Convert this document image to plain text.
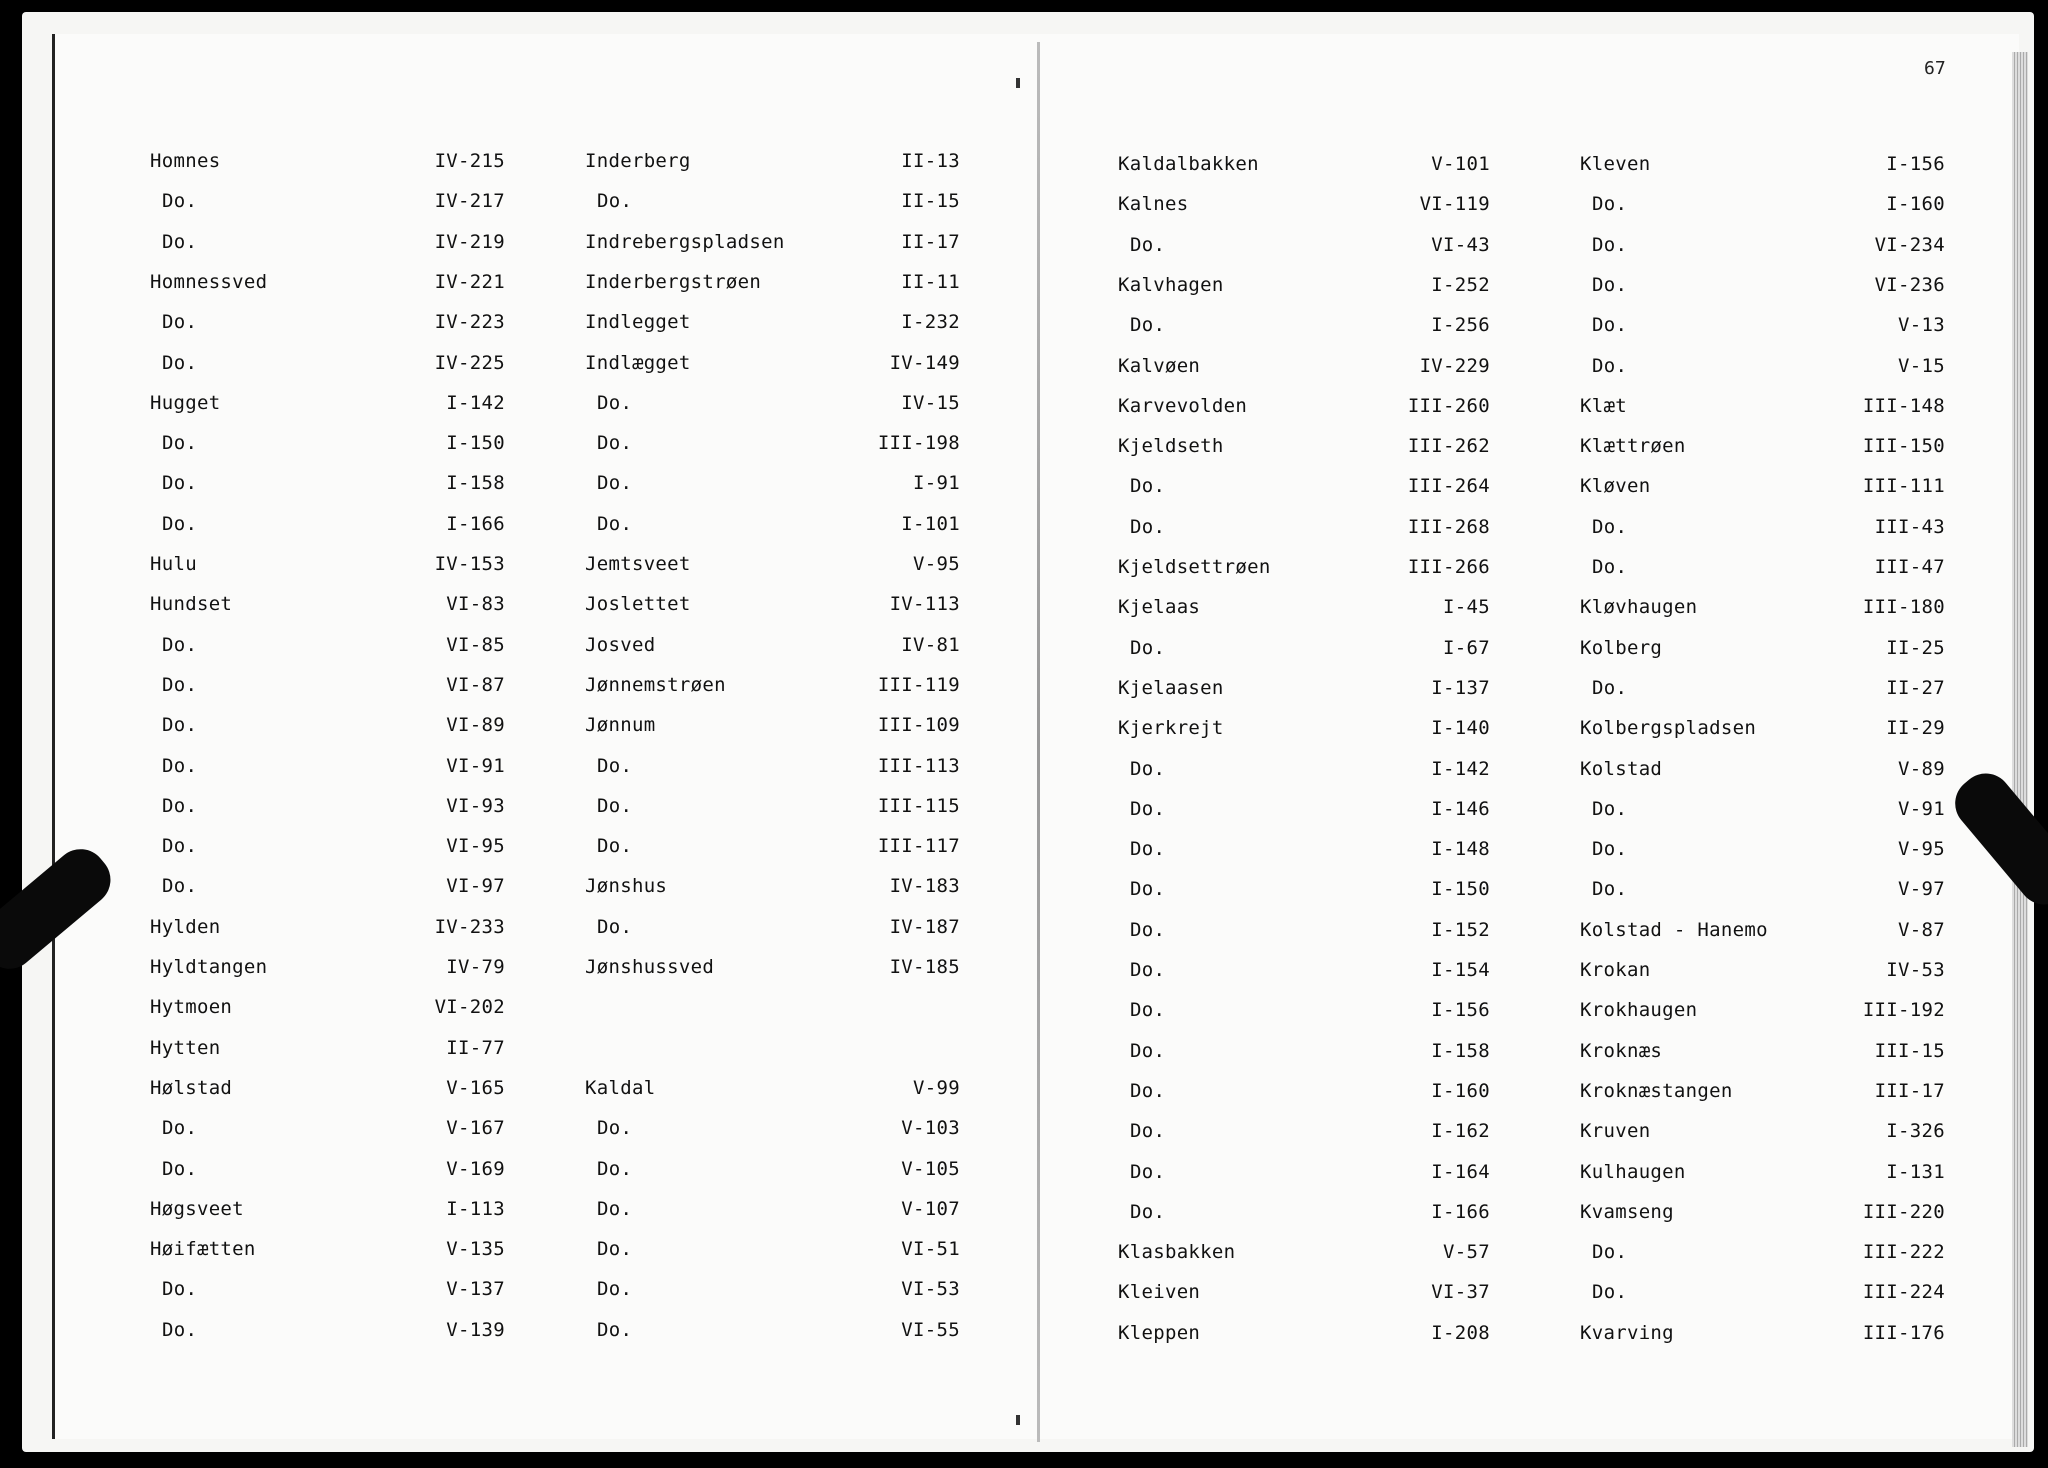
67
Homnes	IV-215
Do.	IV-217
Do.	IV-219
Homnessved	IV-221
Do.	IV-223
Do.	IV-225
Hugget	I-142
Do.	I-150
Do.	I-158
Do.	I-166
Hulu	IV-153
Hundset	VI-83
Do.	VI-85
Do.	VI-87
Do.	VI-89
Do.	VI-91
Do.	VI-93
Do.	VI-95
Do.	VI-97
Hylden	IV-233
Hyldtangen	IV-79
Hytmoen	VI-202
Hytten	II-77
Hølstad	V-165
Do.	V-167
Do.	V-169
Høgsveet	I-113
Høifætten	V-135
Do.	V-137
Do.	V-139
Inderberg	II-13
Do.	II-15
Indrebergspladsen	II-17
Inderbergstrøen	II-11
Indlegget	I-232
Indlægget	IV-149
Do.	IV-15
Do.	III-198
Do.	I-91
Do.	I-101
Jemtsveet	V-95
Joslettet	IV-113
Josved	IV-81
Jønnemstrøen	III-119
Jønnum	III-109
Do.	III-113
Do.	III-115
Do.	III-117
Jønshus	IV-183
Do.	IV-187
Jønshussved	IV-185
Kaldal	V-99
Do.	V-103
Do.	V-105
Do.	V-107
Do.	VI-51
Do.	VI-53
Do.	VI-55
Kaldalbakken	V-101
Kalnes	VI-119
Do.	VI-43
Kalvhagen	I-252
Do.	I-256
Kalvøen	IV-229
Karvevolden	III-260
Kjeldseth	III-262
Do.	III-264
Do.	III-268
Kjeldsettrøen	III-266
Kjelaas	I-45
Do.	I-67
Kjelaasen	I-137
Kjerkrejt	I-140
Do.	I-142
Do.	I-146
Do.	I-148
Do.	I-150
Do.	I-152
Do.	I-154
Do.	I-156
Do.	I-158
Do.	I-160
Do.	I-162
Do.	I-164
Do.	I-166
Klasbakken	V-57
Kleiven	VI-37
Kleppen	I-208
Kleven	I-156
Do.	I-160
Do.	VI-234
Do.	VI-236
Do.	V-13
Do.	V-15
Klæt	III-148
Klættrøen	III-150
Kløven	III-111
Do.	III-43
Do.	III-47
Kløvhaugen	III-180
Kolberg	II-25
Do.	II-27
Kolbergspladsen	II-29
Kolstad	V-89
Do.	V-91
Do.	V-95
Do.	V-97
Kolstad - Hanemo	V-87
Krokan	IV-53
Krokhaugen	III-192
Kroknæs	III-15
Kroknæstangen	III-17
Kruven	I-326
Kulhaugen	I-131
Kvamseng	III-220
Do.	III-222
Do.	III-224
Kvarving	III-176
